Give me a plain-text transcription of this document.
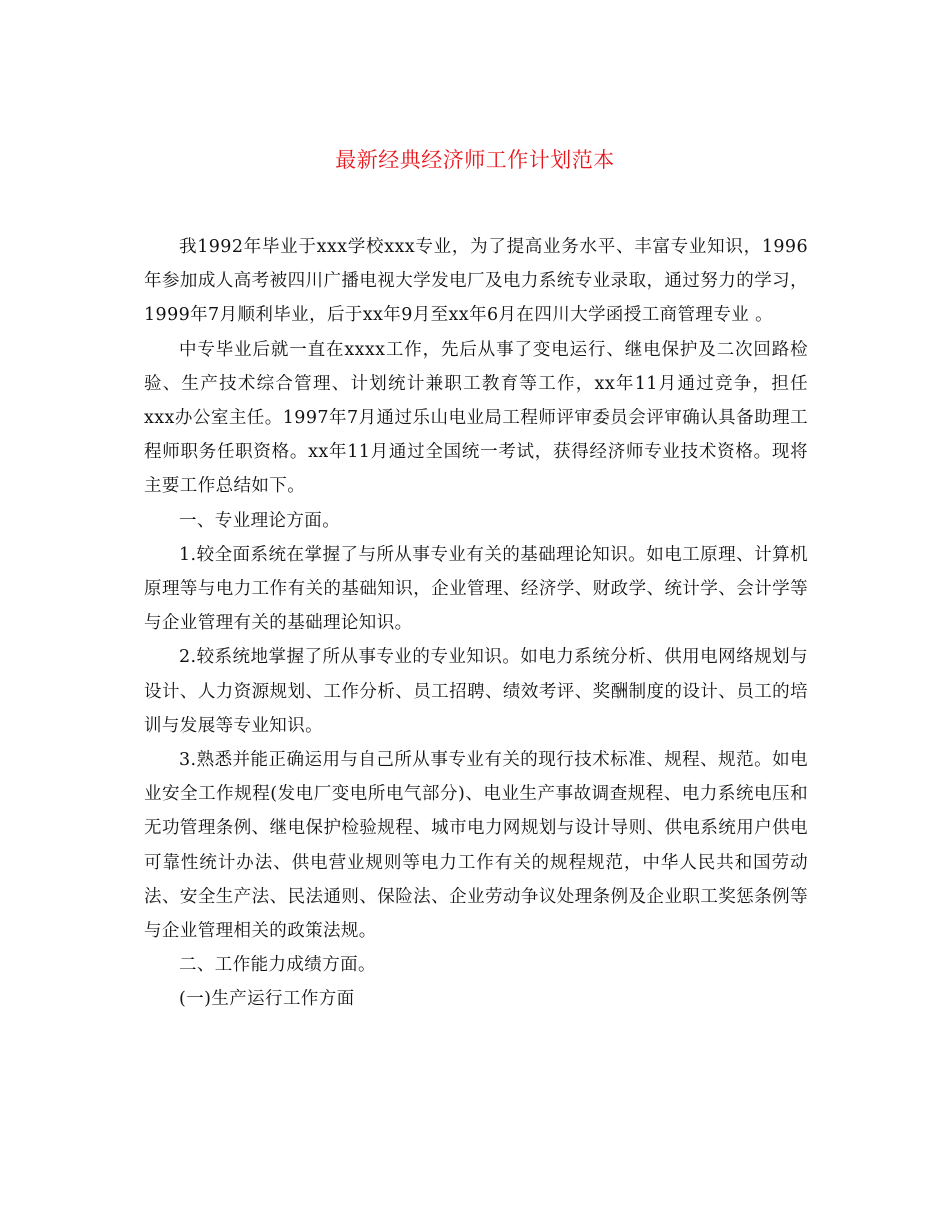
最新经典经济师工作计划范本

我1992年毕业于xxx学校xxx专业，为了提高业务水平、丰富专业知识，1996年参加成人高考被四川广播电视大学发电厂及电力系统专业录取，通过努力的学习，1999年7月顺利毕业，后于xx年9月至xx年6月在四川大学函授工商管理专业 。

中专毕业后就一直在xxxx工作，先后从事了变电运行、继电保护及二次回路检验、生产技术综合管理、计划统计兼职工教育等工作，xx年11月通过竞争，担任xxx办公室主任。1997年7月通过乐山电业局工程师评审委员会评审确认具备助理工程师职务任职资格。xx年11月通过全国统一考试，获得经济师专业技术资格。现将主要工作总结如下。

一、专业理论方面。

1.较全面系统在掌握了与所从事专业有关的基础理论知识。如电工原理、计算机原理等与电力工作有关的基础知识，企业管理、经济学、财政学、统计学、会计学等与企业管理有关的基础理论知识。

2.较系统地掌握了所从事专业的专业知识。如电力系统分析、供用电网络规划与设计、人力资源规划、工作分析、员工招聘、绩效考评、奖酬制度的设计、员工的培训与发展等专业知识。

3.熟悉并能正确运用与自己所从事专业有关的现行技术标准、规程、规范。如电业安全工作规程(发电厂变电所电气部分)、电业生产事故调查规程、电力系统电压和无功管理条例、继电保护检验规程、城市电力网规划与设计导则、供电系统用户供电可靠性统计办法、供电营业规则等电力工作有关的规程规范，中华人民共和国劳动法、安全生产法、民法通则、保险法、企业劳动争议处理条例及企业职工奖惩条例等与企业管理相关的政策法规。

二、工作能力成绩方面。

(一)生产运行工作方面
